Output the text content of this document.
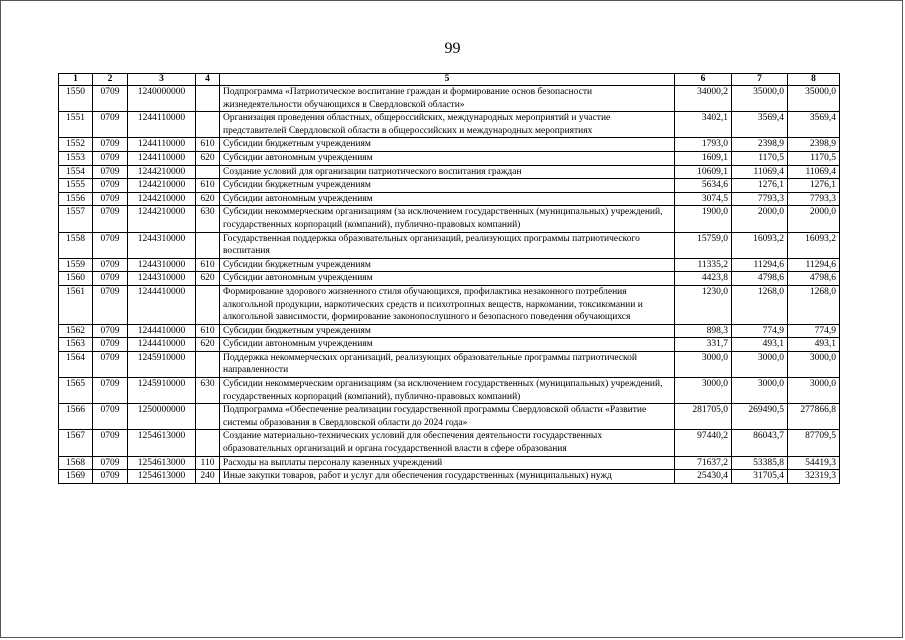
99
1	2	3	4	5	6	7	8
1550	0709	1240000000		Подпрограмма «Патриотическое воспитание граждан и формирование основ безопасности жизнедеятельности обучающихся в Свердловской области»	34000,2	35000,0	35000,0
1551	0709	1244110000		Организация проведения областных, общероссийских, международных мероприятий и участие представителей Свердловской области в общероссийских и международных мероприятиях	3402,1	3569,4	3569,4
1552	0709	1244110000	610	Субсидии бюджетным учреждениям	1793,0	2398,9	2398,9
1553	0709	1244110000	620	Субсидии автономным учреждениям	1609,1	1170,5	1170,5
1554	0709	1244210000		Создание условий для организации патриотического воспитания граждан	10609,1	11069,4	11069,4
1555	0709	1244210000	610	Субсидии бюджетным учреждениям	5634,6	1276,1	1276,1
1556	0709	1244210000	620	Субсидии автономным учреждениям	3074,5	7793,3	7793,3
1557	0709	1244210000	630	Субсидии некоммерческим организациям (за исключением государственных (муниципальных) учреждений, государственных корпораций (компаний), публично-правовых компаний)	1900,0	2000,0	2000,0
1558	0709	1244310000		Государственная поддержка образовательных организаций, реализующих программы патриотического воспитания	15759,0	16093,2	16093,2
1559	0709	1244310000	610	Субсидии бюджетным учреждениям	11335,2	11294,6	11294,6
1560	0709	1244310000	620	Субсидии автономным учреждениям	4423,8	4798,6	4798,6
1561	0709	1244410000		Формирование здорового жизненного стиля обучающихся, профилактика незаконного потребления алкогольной продукции, наркотических средств и психотропных веществ, наркомании, токсикомании и алкогольной зависимости, формирование законопослушного и безопасного поведения обучающихся	1230,0	1268,0	1268,0
1562	0709	1244410000	610	Субсидии бюджетным учреждениям	898,3	774,9	774,9
1563	0709	1244410000	620	Субсидии автономным учреждениям	331,7	493,1	493,1
1564	0709	1245910000		Поддержка некоммерческих организаций, реализующих образовательные программы патриотической направленности	3000,0	3000,0	3000,0
1565	0709	1245910000	630	Субсидии некоммерческим организациям (за исключением государственных (муниципальных) учреждений, государственных корпораций (компаний), публично-правовых компаний)	3000,0	3000,0	3000,0
1566	0709	1250000000		Подпрограмма «Обеспечение реализации государственной программы Свердловской области «Развитие системы образования в Свердловской области до 2024 года»	281705,0	269490,5	277866,8
1567	0709	1254613000		Создание материально-технических условий для обеспечения деятельности государственных образовательных организаций и органа государственной власти в сфере образования	97440,2	86043,7	87709,5
1568	0709	1254613000	110	Расходы на выплаты персоналу казенных учреждений	71637,2	53385,8	54419,3
1569	0709	1254613000	240	Иные закупки товаров, работ и услуг для обеспечения государственных (муниципальных) нужд	25430,4	31705,4	32319,3
